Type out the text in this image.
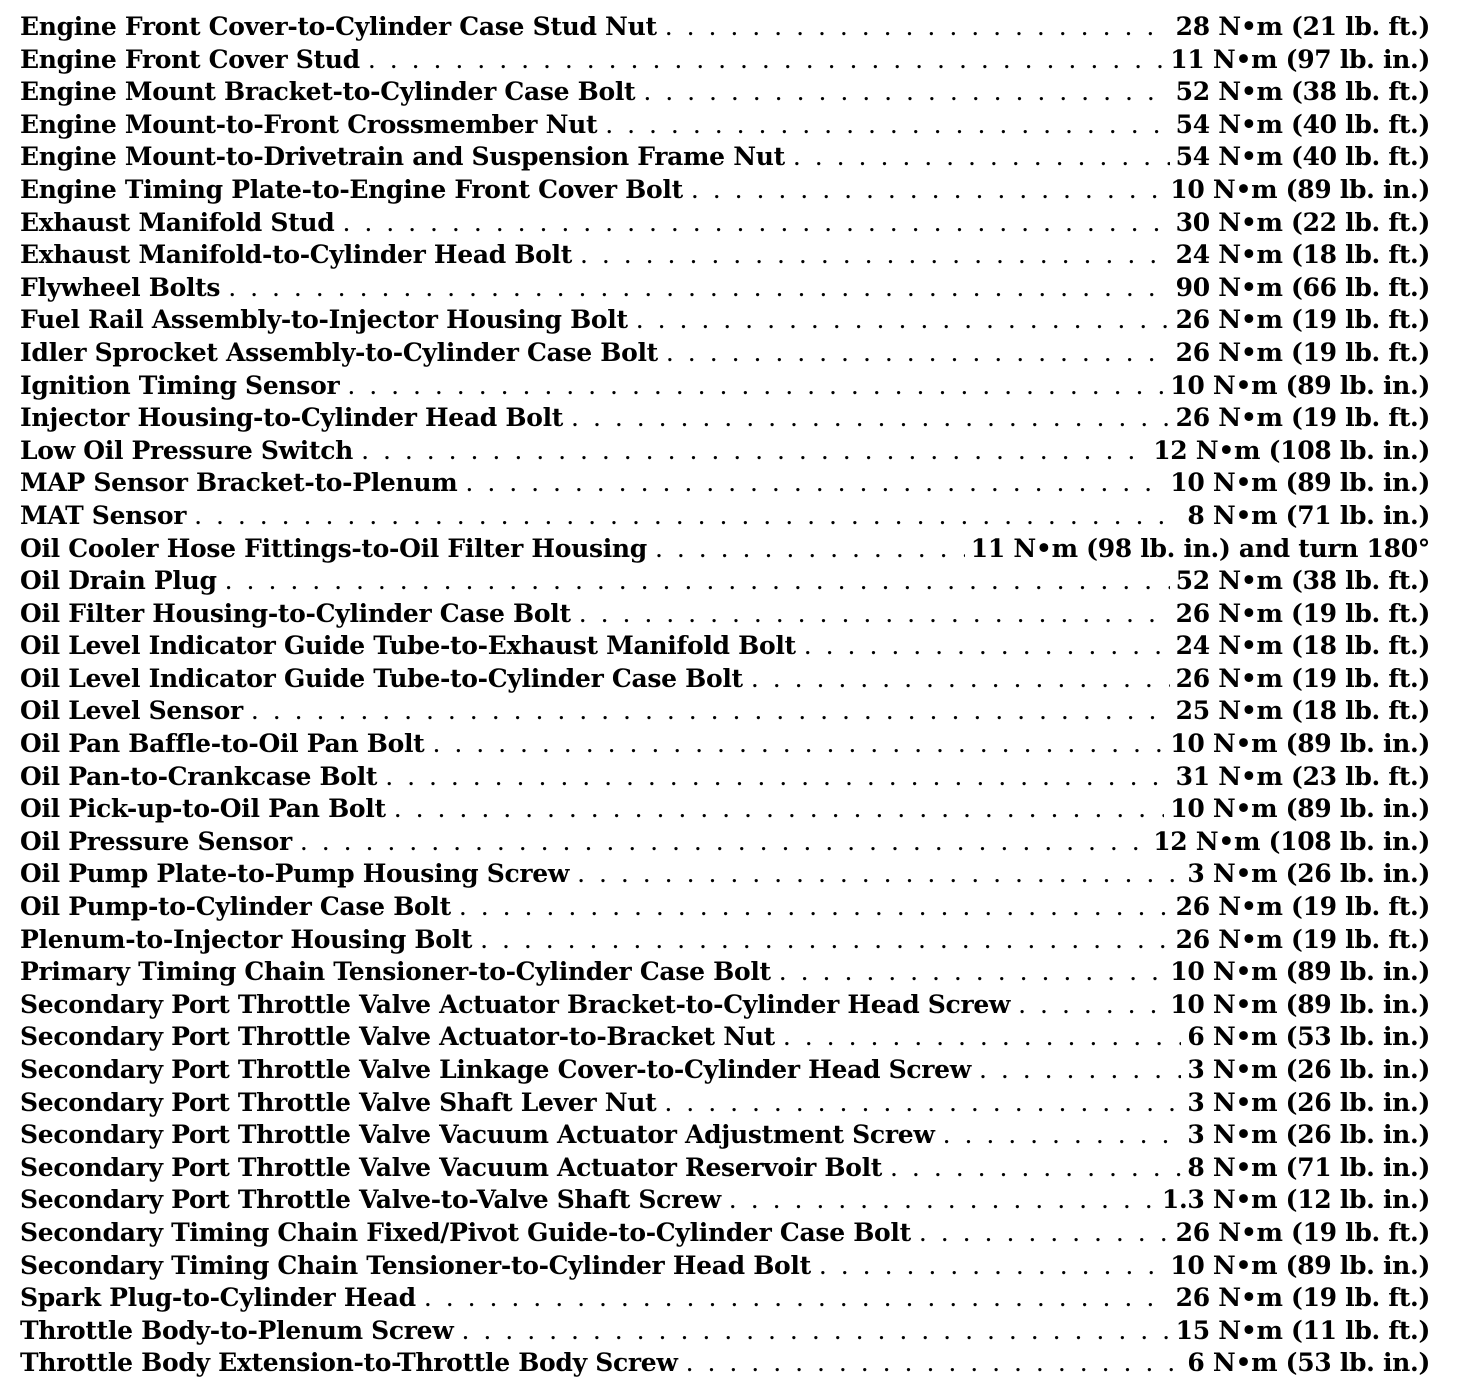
Engine Front Cover-to-Cylinder Case Stud Nut . . .	28 N•m (21 lb. ft.)
Engine Front Cover Stud . . .	11 N•m (97 lb. in.)
Engine Mount Bracket-to-Cylinder Case Bolt . . .	52 N•m (38 lb. ft.)
Engine Mount-to-Front Crossmember Nut . . .	54 N•m (40 lb. ft.)
Engine Mount-to-Drivetrain and Suspension Frame Nut . . .	54 N•m (40 lb. ft.)
Engine Timing Plate-to-Engine Front Cover Bolt . . .	10 N•m (89 lb. in.)
Exhaust Manifold Stud . . .	30 N•m (22 lb. ft.)
Exhaust Manifold-to-Cylinder Head Bolt . . .	24 N•m (18 lb. ft.)
Flywheel Bolts . . .	90 N•m (66 lb. ft.)
Fuel Rail Assembly-to-Injector Housing Bolt . . .	26 N•m (19 lb. ft.)
Idler Sprocket Assembly-to-Cylinder Case Bolt . . .	26 N•m (19 lb. ft.)
Ignition Timing Sensor . . .	10 N•m (89 lb. in.)
Injector Housing-to-Cylinder Head Bolt . . .	26 N•m (19 lb. ft.)
Low Oil Pressure Switch . . .	12 N•m (108 lb. in.)
MAP Sensor Bracket-to-Plenum . . .	10 N•m (89 lb. in.)
MAT Sensor . . .	8 N•m (71 lb. in.)
Oil Cooler Hose Fittings-to-Oil Filter Housing . . .	11 N•m (98 lb. in.) and turn 180°
Oil Drain Plug . . .	52 N•m (38 lb. ft.)
Oil Filter Housing-to-Cylinder Case Bolt . . .	26 N•m (19 lb. ft.)
Oil Level Indicator Guide Tube-to-Exhaust Manifold Bolt . . .	24 N•m (18 lb. ft.)
Oil Level Indicator Guide Tube-to-Cylinder Case Bolt . . .	26 N•m (19 lb. ft.)
Oil Level Sensor . . .	25 N•m (18 lb. ft.)
Oil Pan Baffle-to-Oil Pan Bolt . . .	10 N•m (89 lb. in.)
Oil Pan-to-Crankcase Bolt . . .	31 N•m (23 lb. ft.)
Oil Pick-up-to-Oil Pan Bolt . . .	10 N•m (89 lb. in.)
Oil Pressure Sensor . . .	12 N•m (108 lb. in.)
Oil Pump Plate-to-Pump Housing Screw . . .	3 N•m (26 lb. in.)
Oil Pump-to-Cylinder Case Bolt . . .	26 N•m (19 lb. ft.)
Plenum-to-Injector Housing Bolt . . .	26 N•m (19 lb. ft.)
Primary Timing Chain Tensioner-to-Cylinder Case Bolt . . .	10 N•m (89 lb. in.)
Secondary Port Throttle Valve Actuator Bracket-to-Cylinder Head Screw . . .	10 N•m (89 lb. in.)
Secondary Port Throttle Valve Actuator-to-Bracket Nut . . .	6 N•m (53 lb. in.)
Secondary Port Throttle Valve Linkage Cover-to-Cylinder Head Screw . . .	3 N•m (26 lb. in.)
Secondary Port Throttle Valve Shaft Lever Nut . . .	3 N•m (26 lb. in.)
Secondary Port Throttle Valve Vacuum Actuator Adjustment Screw . . .	3 N•m (26 lb. in.)
Secondary Port Throttle Valve Vacuum Actuator Reservoir Bolt . . .	8 N•m (71 lb. in.)
Secondary Port Throttle Valve-to-Valve Shaft Screw . . .	1.3 N•m (12 lb. in.)
Secondary Timing Chain Fixed/Pivot Guide-to-Cylinder Case Bolt . . .	26 N•m (19 lb. ft.)
Secondary Timing Chain Tensioner-to-Cylinder Head Bolt . . .	10 N•m (89 lb. in.)
Spark Plug-to-Cylinder Head . . .	26 N•m (19 lb. ft.)
Throttle Body-to-Plenum Screw . . .	15 N•m (11 lb. ft.)
Throttle Body Extension-to-Throttle Body Screw . . .	6 N•m (53 lb. in.)
